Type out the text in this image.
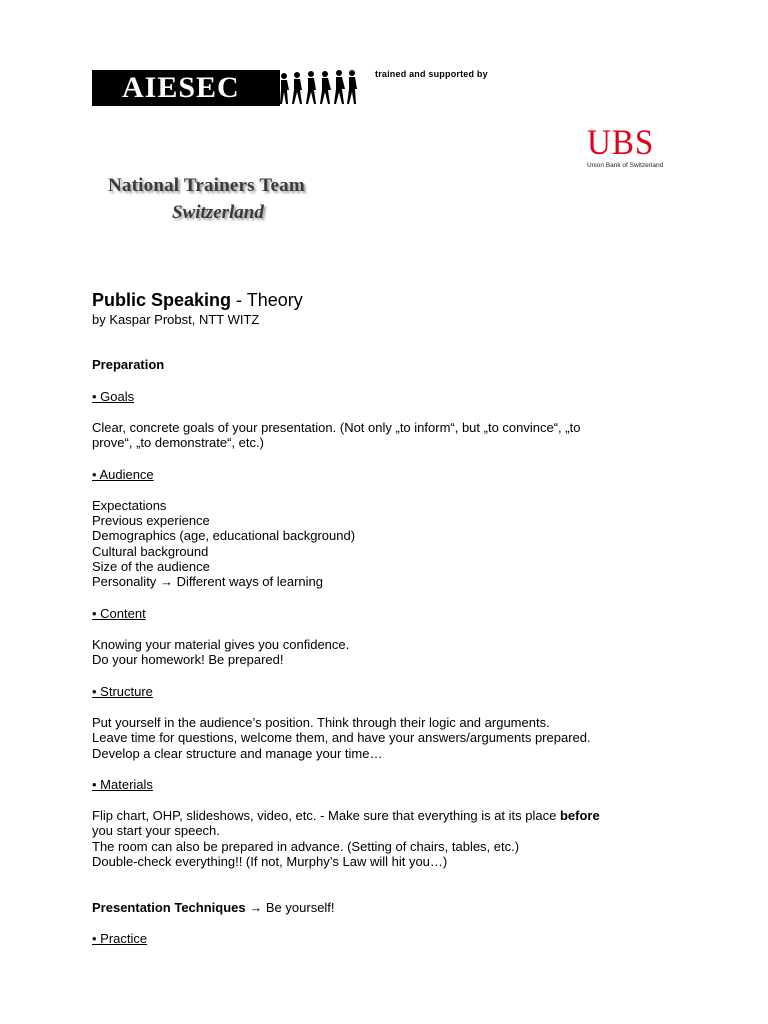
AIESEC	trained and supported by
UBS
Union Bank of Switzerland
National Trainers Team
Switzerland
Public Speaking - Theory
by Kaspar Probst, NTT WITZ
Preparation
• Goals
Clear, concrete goals of your presentation. (Not only „to inform“, but „to convince“, „to
prove“, „to demonstrate“, etc.)
• Audience
Expectations
Previous experience
Demographics (age, educational background)
Cultural background
Size of the audience
Personality → Different ways of learning
• Content
Knowing your material gives you confidence.
Do your homework! Be prepared!
• Structure
Put yourself in the audience’s position. Think through their logic and arguments.
Leave time for questions, welcome them, and have your answers/arguments prepared.
Develop a clear structure and manage your time…
• Materials
Flip chart, OHP, slideshows, video, etc. - Make sure that everything is at its place before
you start your speech.
The room can also be prepared in advance. (Setting of chairs, tables, etc.)
Double-check everything!! (If not, Murphy’s Law will hit you…)
Presentation Techniques → Be yourself!
• Practice
